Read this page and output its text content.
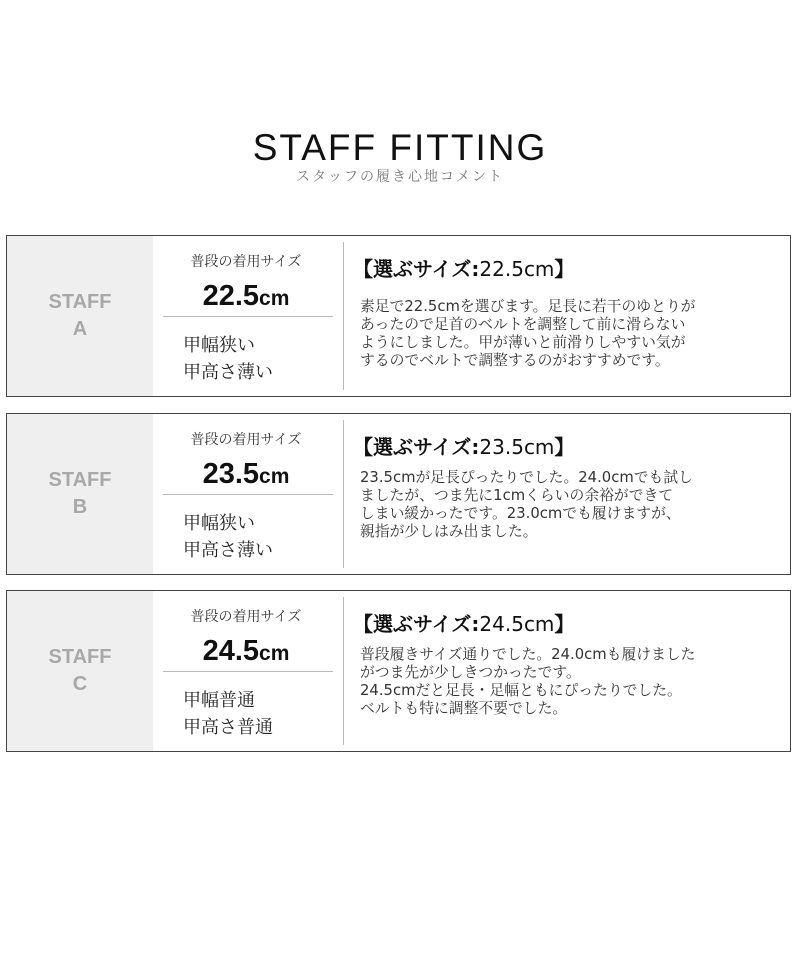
STAFF FITTING
スタッフの履き心地コメント
STAFF
A
普段の着用サイズ
22.5cm
甲幅狭い
甲高さ薄い
【選ぶサイズ:22.5cm】
素足で22.5cmを選びます。足長に若干のゆとりが
あったので足首のベルトを調整して前に滑らない
ようにしました。甲が薄いと前滑りしやすい気が
するのでベルトで調整するのがおすすめです。
STAFF
B
普段の着用サイズ
23.5cm
甲幅狭い
甲高さ薄い
【選ぶサイズ:23.5cm】
23.5cmが足長ぴったりでした。24.0cmでも試し
ましたが、つま先に1cmくらいの余裕ができて
しまい緩かったです。23.0cmでも履けますが、
親指が少しはみ出ました。
STAFF
C
普段の着用サイズ
24.5cm
甲幅普通
甲高さ普通
【選ぶサイズ:24.5cm】
普段履きサイズ通りでした。24.0cmも履けました
がつま先が少しきつかったです。
24.5cmだと足長・足幅ともにぴったりでした。
ベルトも特に調整不要でした。
